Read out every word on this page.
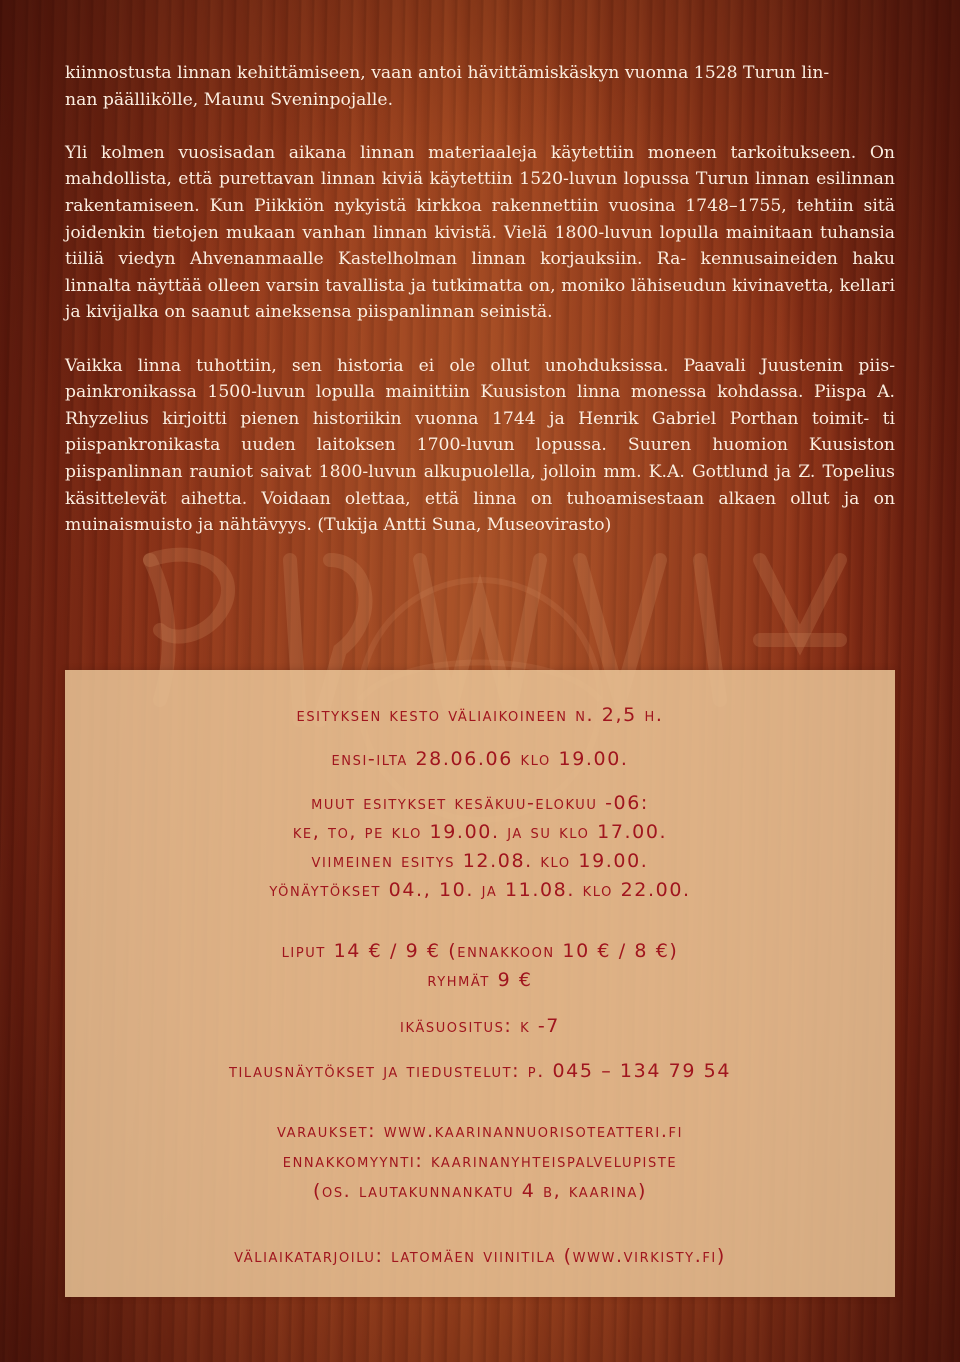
kiinnostusta linnan kehittämiseen, vaan antoi hävittämiskäskyn vuonna 1528 Turun lin-
nan päällikölle, Maunu Sveninpojalle.

Yli kolmen vuosisadan aikana linnan materiaaleja käytettiin moneen tarkoitukseen. On mahdollista, että purettavan linnan kiviä käytettiin 1520-luvun lopussa Turun linnan esilinnan rakentamiseen. Kun Piikkiön nykyistä kirkkoa rakennettiin vuosina 1748–1755, tehtiin sitä joidenkin tietojen mukaan vanhan linnan kivistä. Vielä 1800-luvun lopulla mainitaan tuhansia tiiliä viedyn Ahvenanmaalle Kastelholman linnan korjauksiin. Ra- kennusaineiden haku linnalta näyttää olleen varsin tavallista ja tutkimatta on, moniko lähiseudun kivinavetta, kellari ja kivijalka on saanut aineksensa piispanlinnan seinistä.

Vaikka linna tuhottiin, sen historia ei ole ollut unohduksissa. Paavali Juustenin piis- painkronikassa 1500-luvun lopulla mainittiin Kuusiston linna monessa kohdassa. Piispa A. Rhyzelius kirjoitti pienen historiikin vuonna 1744 ja Henrik Gabriel Porthan toimit- ti piispankronikasta uuden laitoksen 1700-luvun lopussa. Suuren huomion Kuusiston piispanlinnan rauniot saivat 1800-luvun alkupuolella, jolloin mm. K.A. Gottlund ja Z. Topelius käsittelevät aihetta. Voidaan olettaa, että linna on tuhoamisestaan alkaen ollut ja on muinaismuisto ja nähtävyys. (Tukija Antti Suna, Museovirasto)

esityksen kesto väliaikoineen n. 2,5 h.
ensi-ilta 28.06.06 klo 19.00.
muut esitykset kesäkuu-elokuu -06:
ke, to, pe klo 19.00. ja su klo 17.00.
viimeinen esitys 12.08. klo 19.00.
yönäytökset 04., 10. ja 11.08. klo 22.00.
liput 14 € / 9 € (ennakkoon 10 € / 8 €)
ryhmät 9 €
ikäsuositus: k -7
tilausnäytökset ja tiedustelut: p. 045 – 134 79 54
varaukset: www.kaarinannuorisoteatteri.fi
ennakkomyynti: kaarinanyhteispalvelupiste
(os. lautakunnankatu 4 b, kaarina)
väliaikatarjoilu: latomäen viinitila (www.virkisty.fi)
